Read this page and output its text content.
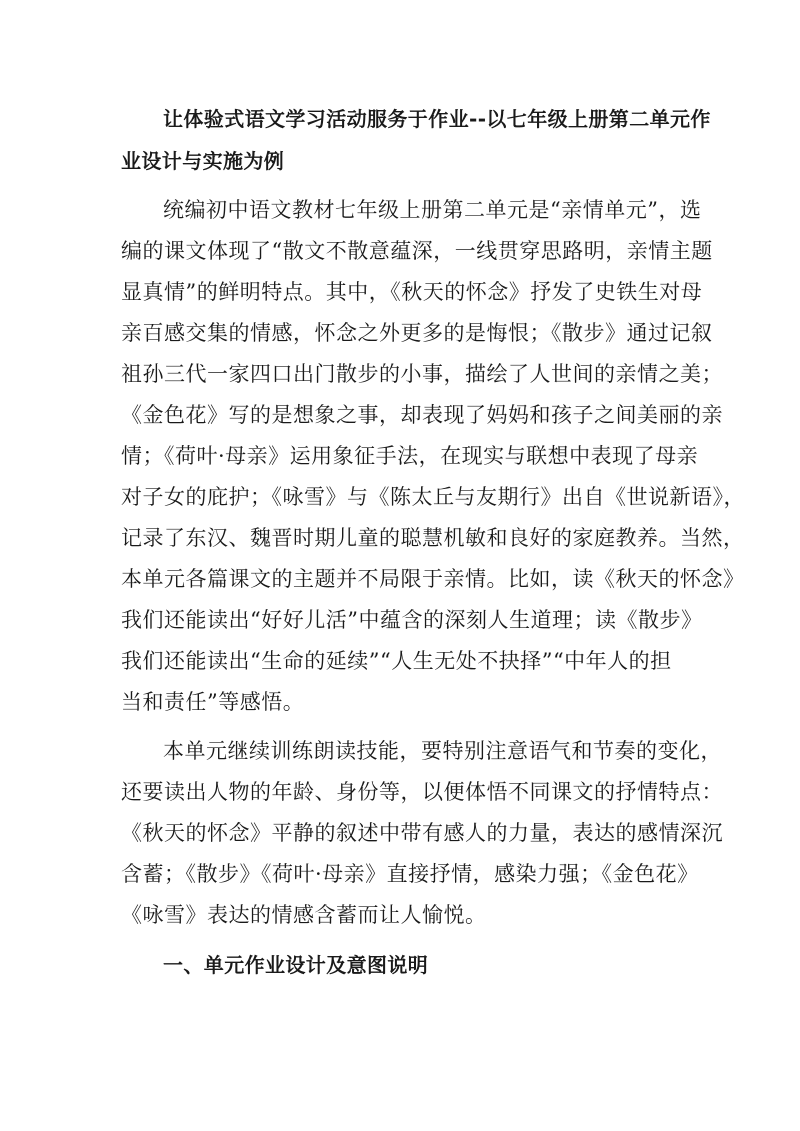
让体验式语文学习活动服务于作业--以七年级上册第二单元作
业设计与实施为例
统编初中语文教材七年级上册第二单元是“亲情单元”，选
编的课文体现了“散文不散意蕴深，一线贯穿思路明，亲情主题
显真情”的鲜明特点。其中，《秋天的怀念》抒发了史铁生对母
亲百感交集的情感，怀念之外更多的是悔恨；《散步》通过记叙
祖孙三代一家四口出门散步的小事，描绘了人世间的亲情之美；
《金色花》写的是想象之事，却表现了妈妈和孩子之间美丽的亲
情；《荷叶·母亲》运用象征手法，在现实与联想中表现了母亲
对子女的庇护；《咏雪》与《陈太丘与友期行》出自《世说新语》，
记录了东汉、魏晋时期儿童的聪慧机敏和良好的家庭教养。当然，
本单元各篇课文的主题并不局限于亲情。比如，读《秋天的怀念》
我们还能读出“好好儿活”中蕴含的深刻人生道理；读《散步》
我们还能读出“生命的延续”“人生无处不抉择”“中年人的担
当和责任”等感悟。
本单元继续训练朗读技能，要特别注意语气和节奏的变化，
还要读出人物的年龄、身份等，以便体悟不同课文的抒情特点：
《秋天的怀念》平静的叙述中带有感人的力量，表达的感情深沉
含蓄；《散步》《荷叶·母亲》直接抒情，感染力强；《金色花》
《咏雪》表达的情感含蓄而让人愉悦。
一、单元作业设计及意图说明
